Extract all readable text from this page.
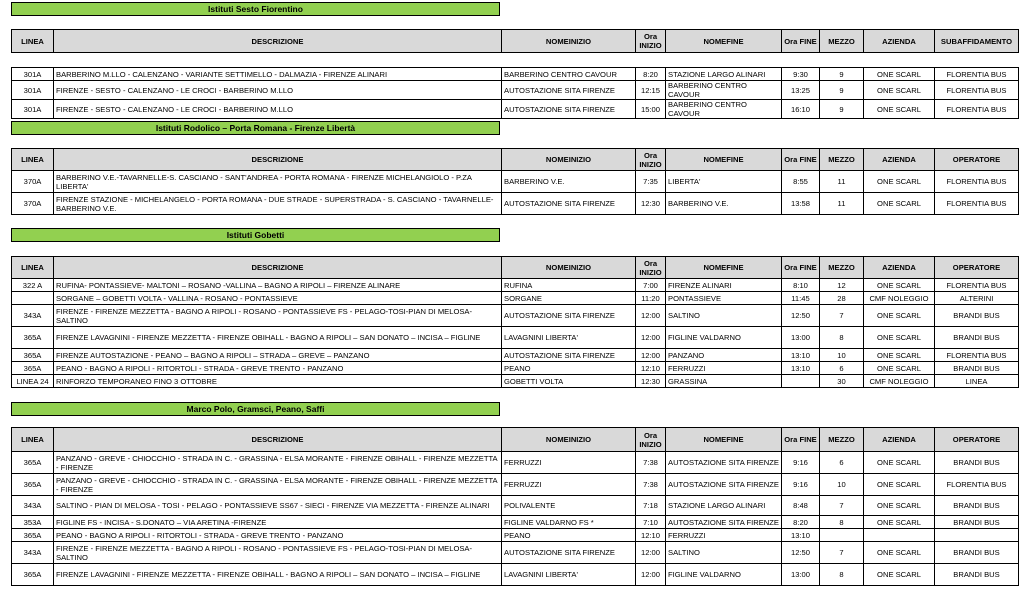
Istituti Sesto Fiorentino
LINEA	DESCRIZIONE	NOMEINIZIO	Ora INIZIO	NOMEFINE	Ora FINE	MEZZO	AZIENDA	SUBAFFIDAMENTO

301A	BARBERINO M.LLO - CALENZANO - VARIANTE SETTIMELLO - DALMAZIA - FIRENZE ALINARI	BARBERINO CENTRO CAVOUR	8:20	STAZIONE LARGO ALINARI	9:30	9	ONE SCARL	FLORENTIA BUS
301A	FIRENZE - SESTO - CALENZANO - LE CROCI - BARBERINO M.LLO	AUTOSTAZIONE SITA FIRENZE	12:15	BARBERINO CENTRO CAVOUR	13:25	9	ONE SCARL	FLORENTIA BUS
301A	FIRENZE - SESTO - CALENZANO - LE CROCI - BARBERINO M.LLO	AUTOSTAZIONE SITA FIRENZE	15:00	BARBERINO CENTRO CAVOUR	16:10	9	ONE SCARL	FLORENTIA BUS
Istituti Rodolico – Porta Romana - Firenze Libertà
LINEA	DESCRIZIONE	NOMEINIZIO	Ora INIZIO	NOMEFINE	Ora FINE	MEZZO	AZIENDA	OPERATORE
370A	BARBERINO V.E.-TAVARNELLE-S. CASCIANO - SANT'ANDREA - PORTA ROMANA - FIRENZE MICHELANGIOLO - P.ZA LIBERTA'	BARBERINO V.E.	7:35	LIBERTA'	8:55	11	ONE SCARL	FLORENTIA BUS
370A	FIRENZE STAZIONE - MICHELANGELO - PORTA ROMANA - DUE STRADE - SUPERSTRADA - S. CASCIANO - TAVARNELLE-BARBERINO V.E.	AUTOSTAZIONE SITA FIRENZE	12:30	BARBERINO V.E.	13:58	11	ONE SCARL	FLORENTIA BUS
Istituti Gobetti
LINEA	DESCRIZIONE	NOMEINIZIO	Ora INIZIO	NOMEFINE	Ora FINE	MEZZO	AZIENDA	OPERATORE
322 A	RUFINA- PONTASSIEVE- MALTONI – ROSANO -VALLINA – BAGNO A RIPOLI – FIRENZE ALINARE	RUFINA	7:00	FIRENZE ALINARI	8:10	12	ONE SCARL	FLORENTIA BUS
	SORGANE – GOBETTI VOLTA - VALLINA - ROSANO - PONTASSIEVE	SORGANE	11:20	PONTASSIEVE	11:45	28	CMF NOLEGGIO	ALTERINI
343A	FIRENZE - FIRENZE MEZZETTA - BAGNO A RIPOLI - ROSANO - PONTASSIEVE FS - PELAGO-TOSI-PIAN DI MELOSA-SALTINO	AUTOSTAZIONE SITA FIRENZE	12:00	SALTINO	12:50	7	ONE SCARL	BRANDI BUS
365A	FIRENZE LAVAGNINI - FIRENZE MEZZETTA - FIRENZE OBIHALL - BAGNO A RIPOLI – SAN DONATO – INCISA – FIGLINE	LAVAGNINI LIBERTA'	12:00	FIGLINE VALDARNO	13:00	8	ONE SCARL	BRANDI BUS
365A	FIRENZE AUTOSTAZIONE - PEANO – BAGNO A RIPOLI – STRADA – GREVE – PANZANO	AUTOSTAZIONE SITA FIRENZE	12:00	PANZANO	13:10	10	ONE SCARL	FLORENTIA BUS
365A	PEANO - BAGNO A RIPOLI - RITORTOLI - STRADA - GREVE TRENTO - PANZANO	PEANO	12:10	FERRUZZI	13:10	6	ONE SCARL	BRANDI BUS
LINEA 24	RINFORZO TEMPORANEO FINO 3 OTTOBRE	GOBETTI VOLTA	12:30	GRASSINA		30	CMF NOLEGGIO	LINEA
Marco Polo, Gramsci, Peano, Saffi
LINEA	DESCRIZIONE	NOMEINIZIO	Ora INIZIO	NOMEFINE	Ora FINE	MEZZO	AZIENDA	OPERATORE
365A	PANZANO - GREVE - CHIOCCHIO - STRADA IN C. - GRASSINA - ELSA MORANTE - FIRENZE OBIHALL - FIRENZE MEZZETTA - FIRENZE	FERRUZZI	7:38	AUTOSTAZIONE SITA FIRENZE	9:16	6	ONE SCARL	BRANDI BUS
365A	PANZANO - GREVE - CHIOCCHIO - STRADA IN C. - GRASSINA - ELSA MORANTE - FIRENZE OBIHALL - FIRENZE MEZZETTA - FIRENZE	FERRUZZI	7:38	AUTOSTAZIONE SITA FIRENZE	9:16	10	ONE SCARL	FLORENTIA BUS
343A	SALTINO - PIAN DI MELOSA - TOSI - PELAGO - PONTASSIEVE SS67 - SIECI - FIRENZE VIA MEZZETTA - FIRENZE ALINARI	POLIVALENTE	7:18	STAZIONE LARGO ALINARI	8:48	7	ONE SCARL	BRANDI BUS
353A	FIGLINE FS - INCISA - S.DONATO – VIA ARETINA -FIRENZE	FIGLINE VALDARNO FS *	7:10	AUTOSTAZIONE SITA FIRENZE	8:20	8	ONE SCARL	BRANDI BUS
365A	PEANO - BAGNO A RIPOLI - RITORTOLI - STRADA - GREVE TRENTO - PANZANO	PEANO	12:10	FERRUZZI	13:10			
343A	FIRENZE - FIRENZE MEZZETTA - BAGNO A RIPOLI - ROSANO - PONTASSIEVE FS - PELAGO-TOSI-PIAN DI MELOSA-SALTINO	AUTOSTAZIONE SITA FIRENZE	12:00	SALTINO	12:50	7	ONE SCARL	BRANDI BUS
365A	FIRENZE LAVAGNINI - FIRENZE MEZZETTA - FIRENZE OBIHALL - BAGNO A RIPOLI – SAN DONATO – INCISA – FIGLINE	LAVAGNINI LIBERTA'	12:00	FIGLINE VALDARNO	13:00	8	ONE SCARL	BRANDI BUS
